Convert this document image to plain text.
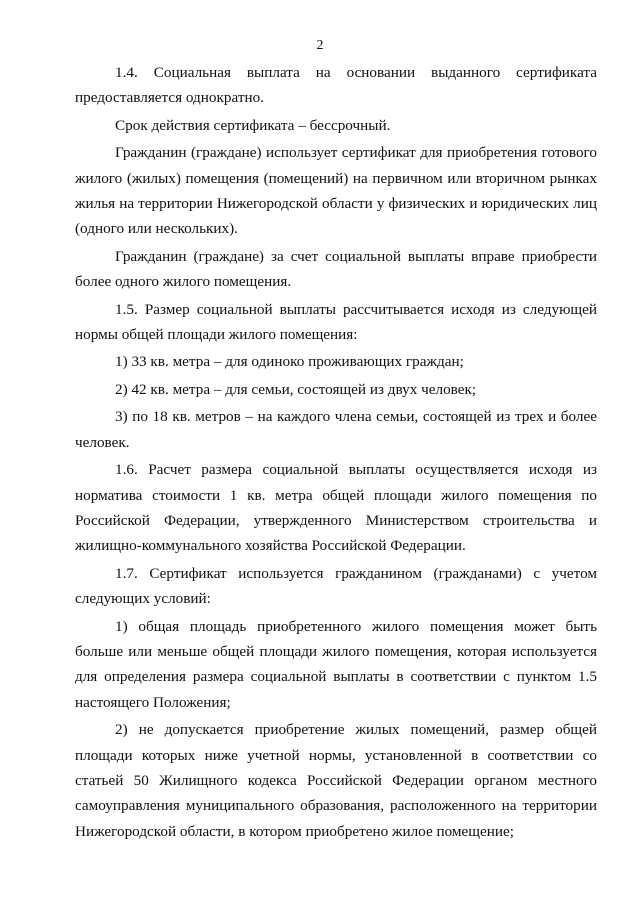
2

1.4. Социальная выплата на основании выданного сертификата предоставляется однократно.

Срок действия сертификата – бессрочный.

Гражданин (граждане) использует сертификат для приобретения готового жилого (жилых) помещения (помещений) на первичном или вторичном рынках жилья на территории Нижегородской области у физических и юридических лиц (одного или нескольких).

Гражданин (граждане) за счет социальной выплаты вправе приобрести более одного жилого помещения.

1.5. Размер социальной выплаты рассчитывается исходя из следующей нормы общей площади жилого помещения:

1) 33 кв. метра – для одиноко проживающих граждан;

2) 42 кв. метра – для семьи, состоящей из двух человек;

3) по 18 кв. метров – на каждого члена семьи, состоящей из трех и более человек.

1.6. Расчет размера социальной выплаты осуществляется исходя из норматива стоимости 1 кв. метра общей площади жилого помещения по Российской Федерации, утвержденного Министерством строительства и жилищно-коммунального хозяйства Российской Федерации.

1.7. Сертификат используется гражданином (гражданами) с учетом следующих условий:

1) общая площадь приобретенного жилого помещения может быть больше или меньше общей площади жилого помещения, которая используется для определения размера социальной выплаты в соответствии с пунктом 1.5 настоящего Положения;

2) не допускается приобретение жилых помещений, размер общей площади которых ниже учетной нормы, установленной в соответствии со статьей 50 Жилищного кодекса Российской Федерации органом местного самоуправления муниципального образования, расположенного на территории Нижегородской области, в котором приобретено жилое помещение;
